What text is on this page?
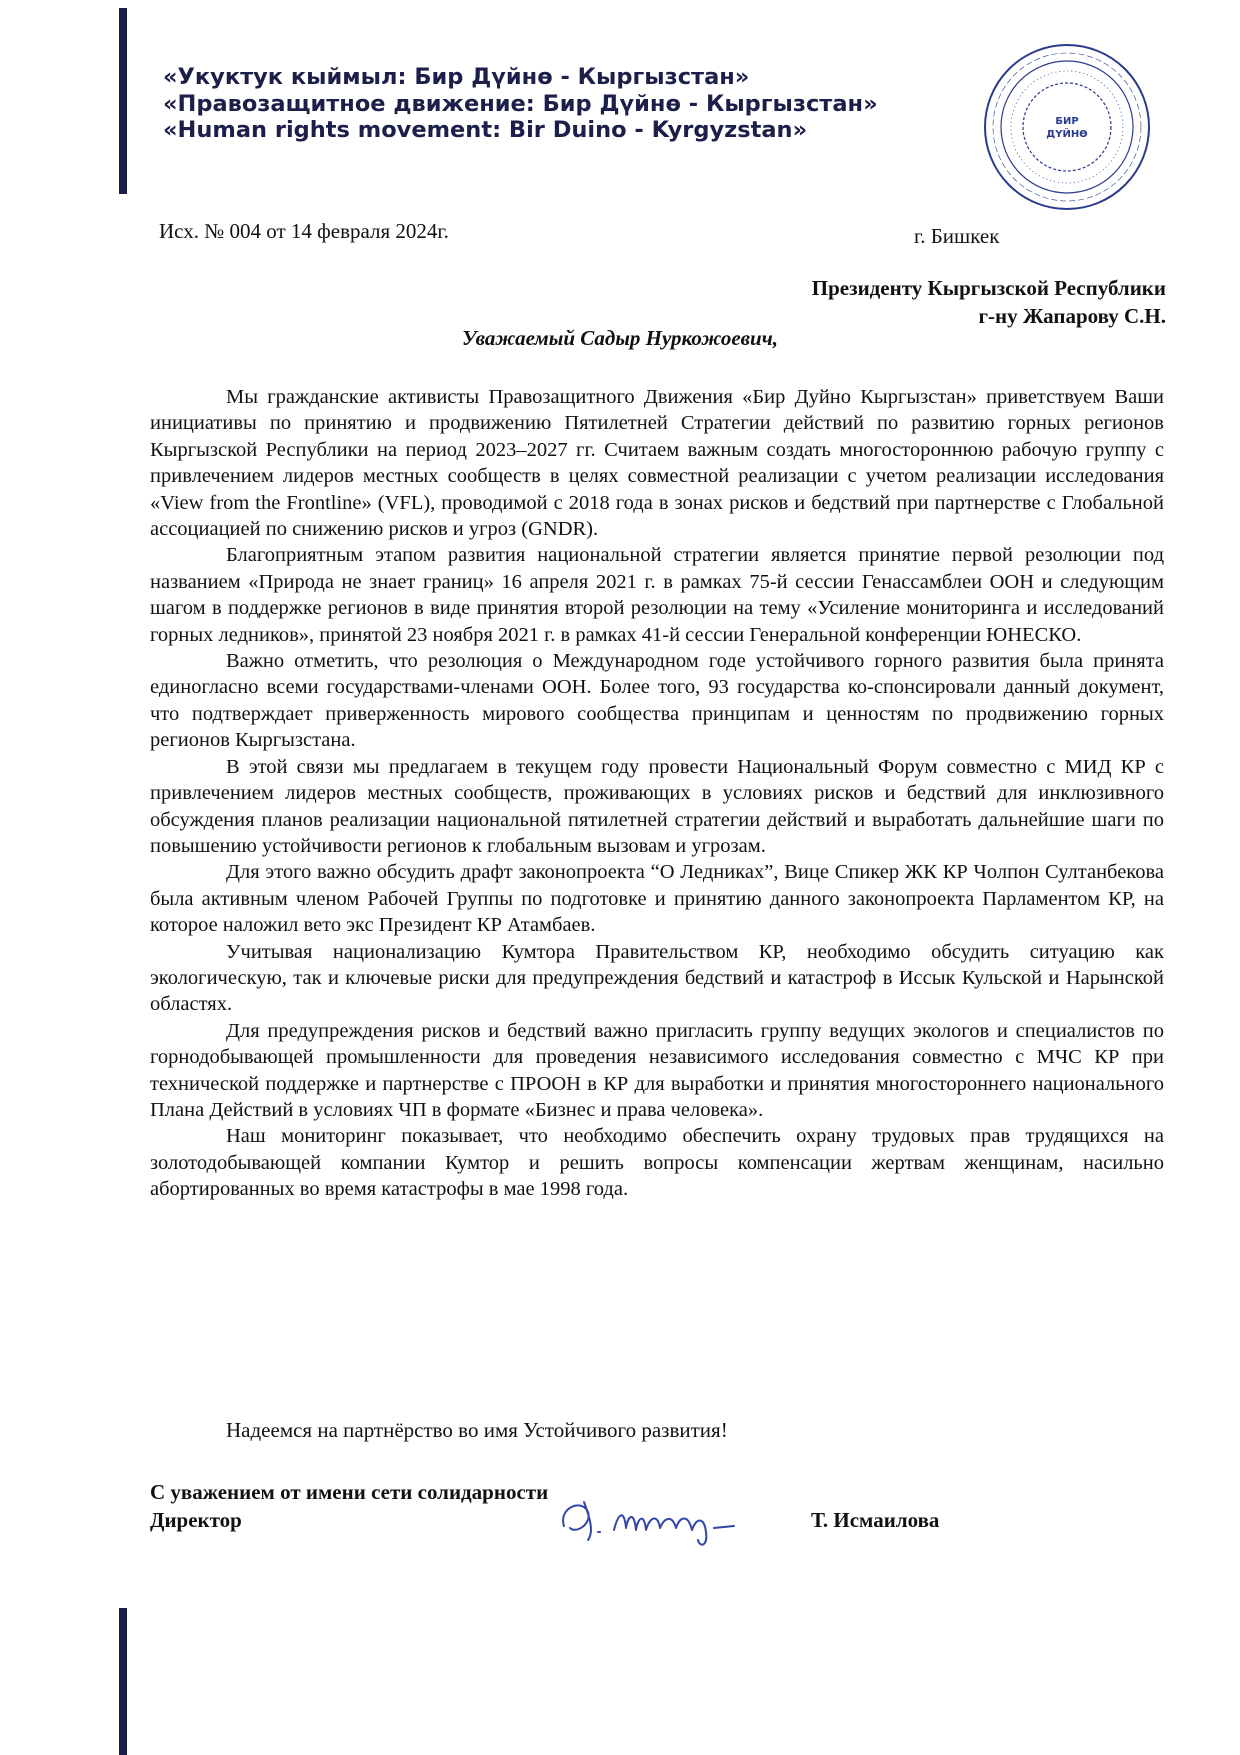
«Укуктук кыймыл: Бир Дүйнө - Кыргызстан»
«Правозащитное движение: Бир Дүйнө - Кыргызстан»
«Human rights movement: Bir Duino - Kyrgyzstan»	БИР
ДҮЙНӨ
Исх. № 004 от 14 февраля 2024г.	г. Бишкек
Президенту Кыргызской Республики
г-ну Жапарову С.Н.
Уважаемый Садыр Нуркожоевич,

Мы гражданские активисты Правозащитного Движения «Бир Дуйно Кыргызстан» приветствуем Ваши инициативы по принятию и продвижению Пятилетней Стратегии действий по развитию горных регионов Кыргызской Республики на период 2023–2027 гг. Считаем важным создать многостороннюю рабочую группу с привлечением лидеров местных сообществ в целях совместной реализации с учетом реализации исследования «View from the Frontline» (VFL), проводимой с 2018 года в зонах рисков и бедствий при партнерстве с Глобальной ассоциацией по снижению рисков и угроз (GNDR).

Благоприятным этапом развития национальной стратегии является принятие первой резолюции под названием «Природа не знает границ» 16 апреля 2021 г. в рамках 75-й сессии Генассамблеи ООН и следующим шагом в поддержке регионов в виде принятия второй резолюции на тему «Усиление мониторинга и исследований горных ледников», принятой 23 ноября 2021 г. в рамках 41-й сессии Генеральной конференции ЮНЕСКО.

Важно отметить, что резолюция о Международном годе устойчивого горного развития была принята единогласно всеми государствами-членами ООН. Более того, 93 государства ко-спонсировали данный документ, что подтверждает приверженность мирового сообщества принципам и ценностям по продвижению горных регионов Кыргызстана.

В этой связи мы предлагаем в текущем году провести Национальный Форум совместно с МИД КР с привлечением лидеров местных сообществ, проживающих в условиях рисков и бедствий для инклюзивного обсуждения планов реализации национальной пятилетней стратегии действий и выработать дальнейшие шаги по повышению устойчивости регионов к глобальным вызовам и угрозам.

Для этого важно обсудить драфт законопроекта “О Ледниках”, Вице Спикер ЖК КР Чолпон Султанбекова была активным членом Рабочей Группы по подготовке и принятию данного законопроекта Парламентом КР, на которое наложил вето экс Президент КР Атамбаев.

Учитывая национализацию Кумтора Правительством КР, необходимо обсудить ситуацию как экологическую, так и ключевые риски для предупреждения бедствий и катастроф в Иссык Кульской и Нарынской областях.

Для предупреждения рисков и бедствий важно пригласить группу ведущих экологов и специалистов по горнодобывающей промышленности для проведения независимого исследования совместно с МЧС КР при технической поддержке и партнерстве с ПРООН в КР для выработки и принятия многостороннего национального Плана Действий в условиях ЧП в формате «Бизнес и права человека».

Наш мониторинг показывает, что необходимо обеспечить охрану трудовых прав трудящихся на золотодобывающей компании Кумтор и решить вопросы компенсации жертвам женщинам, насильно абортированных во время катастрофы в мае 1998 года.

Надеемся на партнёрство во имя Устойчивого развития!
С уважением от имени сети солидарности
Директор	Т. Исмаилова
